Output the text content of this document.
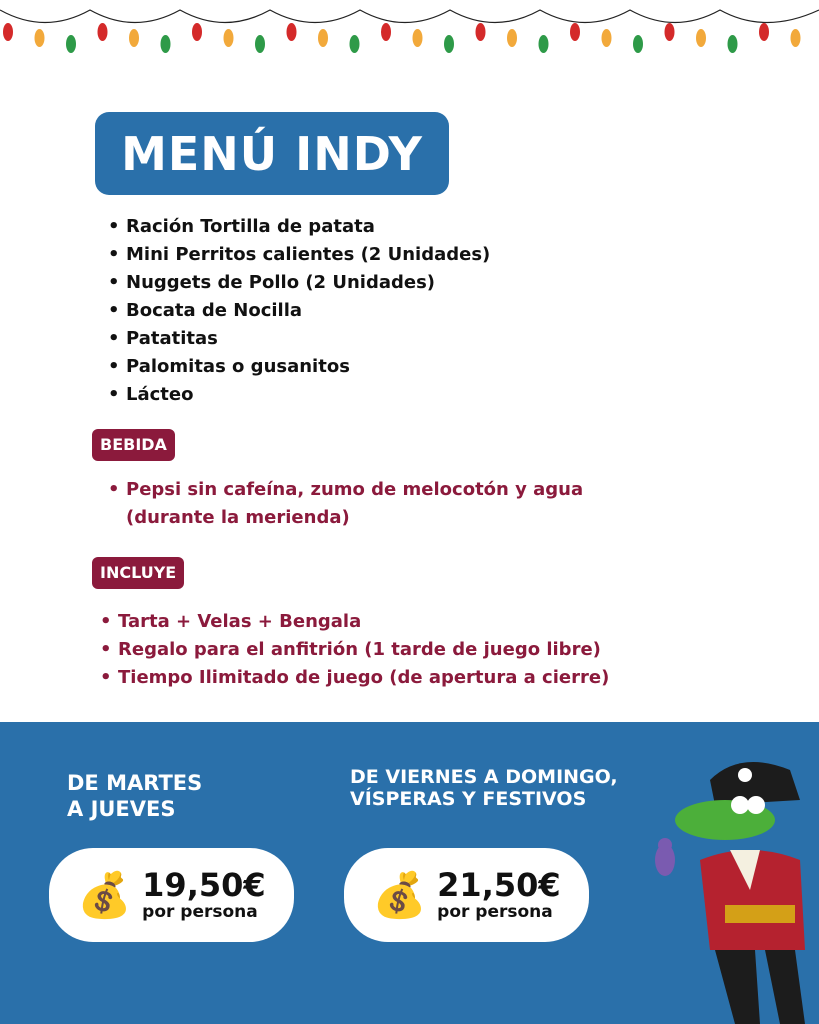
MENÚ INDY
• Ración Tortilla de patata
• Mini Perritos calientes (2 Unidades)
• Nuggets de Pollo (2 Unidades)
• Bocata de Nocilla
• Patatitas
• Palomitas o gusanitos
• Lácteo
BEBIDA
• Pepsi sin cafeína, zumo de melocotón y agua (durante la merienda)
INCLUYE
• Tarta + Velas + Bengala
• Regalo para el anfitrión (1 tarde de juego libre)
• Tiempo Ilimitado de juego (de apertura a cierre)
DE MARTES
A JUEVES
DE VIERNES A DOMINGO,
VÍSPERAS Y FESTIVOS
💰 19,50€
por persona	💰 21,50€
por persona
